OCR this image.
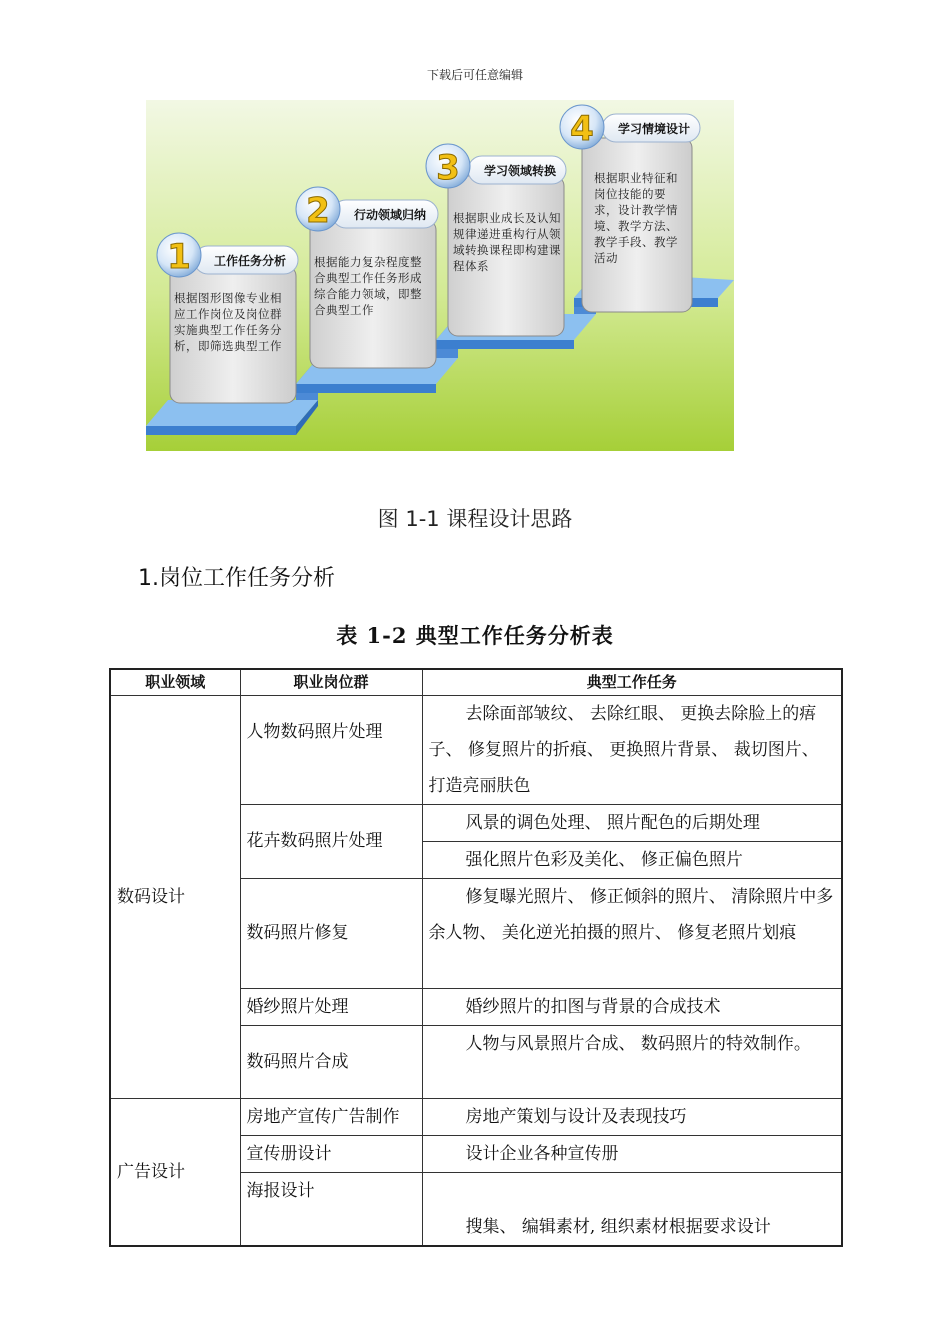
下载后可任意编辑
工作任务分析
1
根据图形图像专业相应工作岗位及岗位群实施典型工作任务分析，即筛选典型工作
行动领域归纳
2
根据能力复杂程度整合典型工作任务形成综合能力领域，即整合典型工作
学习领域转换
3
根据职业成长及认知规律递进重构行从领域转换课程即构建课程体系
学习情境设计
4
根据职业特征和岗位技能的要求，设计教学情境、教学方法、教学手段、教学活动
图 1-1 课程设计思路
1.岗位工作任务分析
表 1-2 典型工作任务分析表
职业领域	职业岗位群	典型工作任务
数码设计	人物数码照片处理	去除面部皱纹、 去除红眼、 更换去除脸上的痦子、 修复照片的折痕、 更换照片背景、 裁切图片、 打造亮丽肤色
	花卉数码照片处理	风景的调色处理、 照片配色的后期处理
		强化照片色彩及美化、 修正偏色照片
	数码照片修复	修复曝光照片、 修正倾斜的照片、 清除照片中多余人物、 美化逆光拍摄的照片、 修复老照片划痕
	婚纱照片处理	婚纱照片的扣图与背景的合成技术
	数码照片合成	人物与风景照片合成、 数码照片的特效制作。
广告设计	房地产宣传广告制作	房地产策划与设计及表现技巧
	宣传册设计	设计企业各种宣传册
	海报设计	搜集、 编辑素材, 组织素材根据要求设计
